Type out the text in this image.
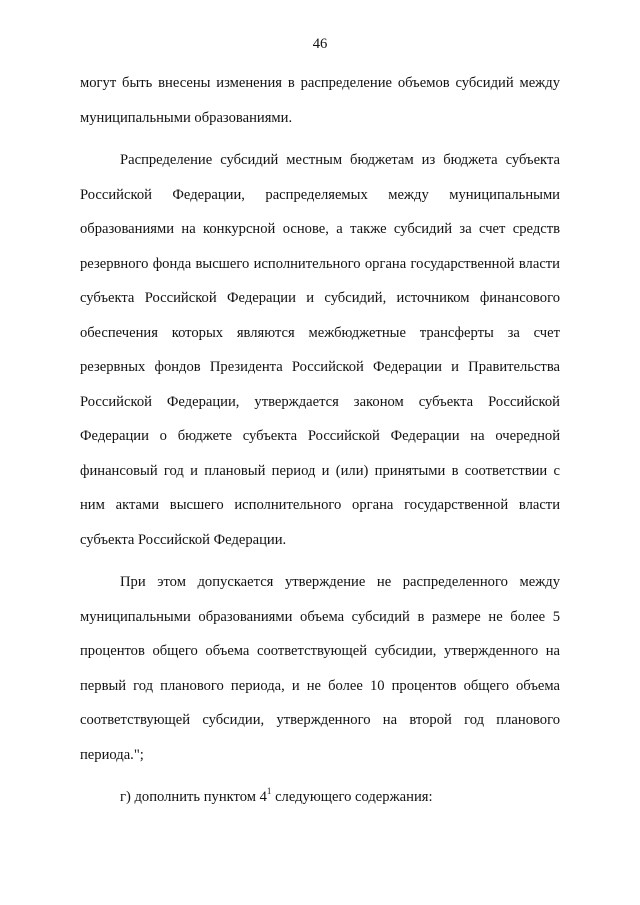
46

могут быть внесены изменения в распределение объемов субсидий между муниципальными образованиями.

Распределение субсидий местным бюджетам из бюджета субъекта Российской Федерации, распределяемых между муниципальными образованиями на конкурсной основе, а также субсидий за счет средств резервного фонда высшего исполнительного органа государственной власти субъекта Российской Федерации и субсидий, источником финансового обеспечения которых являются межбюджетные трансферты за счет резервных фондов Президента Российской Федерации и Правительства Российской Федерации, утверждается законом субъекта Российской Федерации о бюджете субъекта Российской Федерации на очередной финансовый год и плановый период и (или) принятыми в соответствии с ним актами высшего исполнительного органа государственной власти субъекта Российской Федерации.

При этом допускается утверждение не распределенного между муниципальными образованиями объема субсидий в размере не более 5 процентов общего объема соответствующей субсидии, утвержденного на первый год планового периода, и не более 10 процентов общего объема соответствующей субсидии, утвержденного на второй год планового периода.";

г) дополнить пунктом $4^1$ следующего содержания:
